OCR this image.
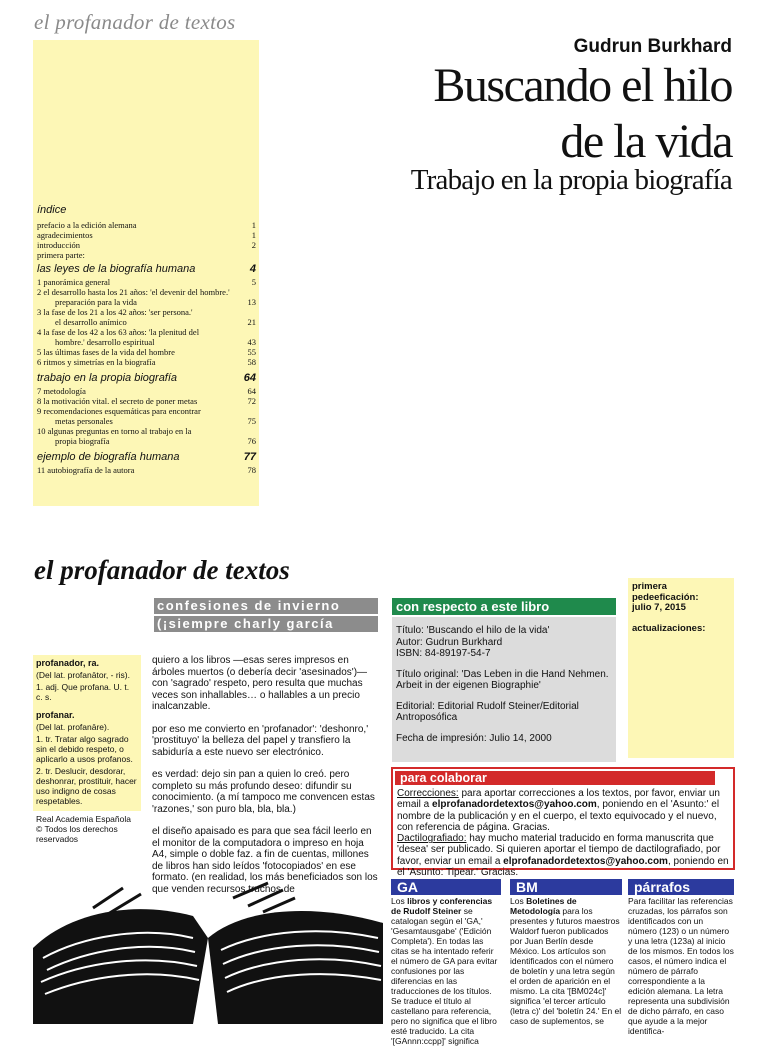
el profanador de textos
índice
prefacio a la edición alemana	1
agradecimientos	1
introducción	2
primera parte:
las leyes de la biografía humana	4
1 panorámica general	5
2 el desarrollo hasta los 21 años: 'el devenir del hombre.'
preparación para la vida	13
3 la fase de los 21 a los 42 años: 'ser persona.'
el desarrollo anímico	21
4 la fase de los 42 a los 63 años: 'la plenitud del
hombre.' desarrollo espiritual	43
5 las últimas fases de la vida del hombre	55
6 ritmos y simetrías en la biografía	58
trabajo en la propia biografía	64
7 metodología	64
8 la motivación vital. el secreto de poner metas	72
9 recomendaciones esquemáticas para encontrar
metas personales	75
10 algunas preguntas en torno al trabajo en la
propia biografía	76
ejemplo de biografía humana	77
11 autobiografía de la autora	78
Gudrun Burkhard
Buscando el hilo
de la vida
Trabajo en la propia biografía
el profanador de textos
confesiones de invierno
(¡siempre charly garcía

profanador, ra.

(Del lat. profanātor, - ris).

1. adj. Que profana. U. t. c. s.

profanar.

(Del lat. profanāre).

1. tr. Tratar algo sagrado sin el debido respeto, o aplicarlo a usos profanos.

2. tr. Deslucir, desdorar, deshonrar, prostituir, hacer uso indigno de cosas respetables.

Real Academia Española © Todos los derechos reservados

quiero a los libros —esas seres impresos en árboles muertos (o debería decir 'asesinados')— con 'sagrado' respeto, pero resulta que muchas veces son inhallables… o hallables a un precio inalcanzable.

por eso me convierto en 'profanador': 'deshonro,' 'prostituyo' la belleza del papel y transfiero la sabiduría a este nuevo ser electrónico.

es verdad: dejo sin pan a quien lo creó. pero completo su más profundo deseo: difundir su conocimiento. (a mí tampoco me convencen estas 'razones,' son puro bla, bla, bla.)

el diseño apaisado es para que sea fácil leerlo en el monitor de la computadora o impreso en hoja A4, simple o doble faz. a fin de cuentas, millones de libros han sido leídos 'fotocopiados' en ese formato. (en realidad, los más beneficiados son los que venden recursos truchos de

con respecto a este libro

Título: 'Buscando el hilo de la vida'

Autor: Gudrun Burkhard

ISBN: 84-89197-54-7

Título original: 'Das Leben in die Hand Nehmen. Arbeit in der eigenen Biographie'

Editorial: Editorial Rudolf Steiner/Editorial Antroposófica

Fecha de impresión: Julio 14, 2000

primera pedeeficación:
julio 7, 2015
actualizaciones:
para colaborar
Correcciones: para aportar correcciones a los textos, por favor, enviar un email a elprofanadordetextos@yahoo.com, poniendo en el 'Asunto:' el nombre de la publicación y en el cuerpo, el texto equivocado y el nuevo, con referencia de página. Gracias.
Dactilografiado: hay mucho material traducido en forma manuscrita que 'desea' ser publicado. Si quieren aportar el tiempo de dactilografiado, por favor, enviar un email a elprofanadordetextos@yahoo.com, poniendo en el 'Asunto: Tipear.' Gracias.
GA
Los libros y conferencias de Rudolf Steiner se catalogan según el 'GA,' 'Gesamtausgabe' ('Edición Completa'). En todas las citas se ha intentado referir el número de GA para evitar confusiones por las diferencias en las traducciones de los títulos. Se traduce el título al castellano para referencia, pero no significa que el libro esté traducido. La cita '[GAnnn:ccpp]' significa
BM
Los Boletines de Metodología para los presentes y futuros maestros Waldorf fueron publicados por Juan Berlín desde México. Los artículos son identificados con el número de boletín y una letra según el orden de aparición en el mismo. La cita '[BM024c]' significa 'el tercer artículo (letra c)' del 'boletín 24.' En el caso de suplementos, se
párrafos
Para facilitar las referencias cruzadas, los párrafos son identificados con un número (123) o un número y una letra (123a) al inicio de los mismos. En todos los casos, el número indica el número de párrafo correspondiente a la edición alemana. La letra representa una subdivisión de dicho párrafo, en caso que ayude a la mejor identifica-
